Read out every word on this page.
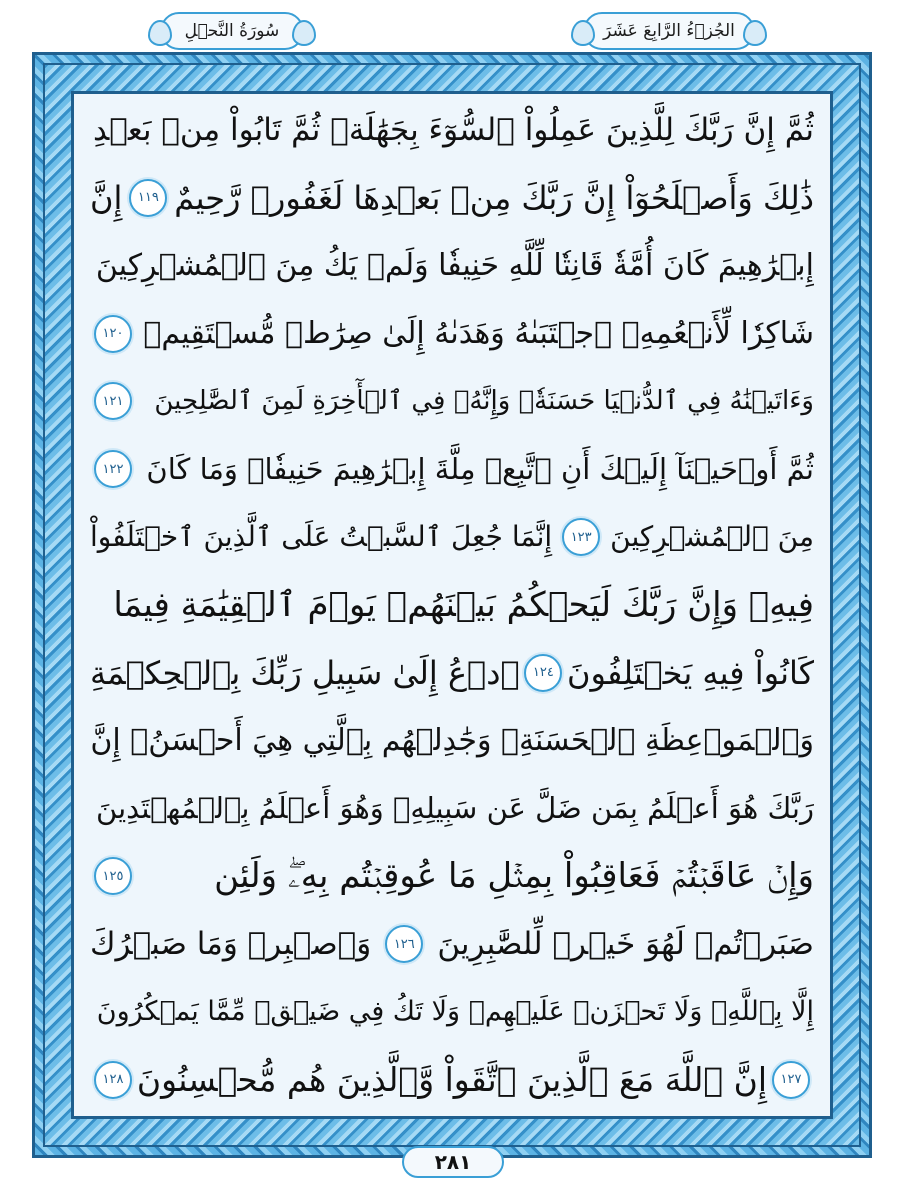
سُورَةُ النَّحۡلِ	الجُزۡءُ الرَّابِعَ عَشَرَ
ثُمَّ إِنَّ رَبَّكَ لِلَّذِينَ عَمِلُواْ ٱلسُّوٓءَ بِجَهَٰلَةٖ ثُمَّ تَابُواْ مِنۢ بَعۡدِ
ذَٰلِكَ وَأَصۡلَحُوٓاْ إِنَّ رَبَّكَ مِنۢ بَعۡدِهَا لَغَفُورٞ رَّحِيمٌ
١١٩
إِنَّ
إِبۡرَٰهِيمَ كَانَ أُمَّةٗ قَانِتٗا لِّلَّهِ حَنِيفٗا وَلَمۡ يَكُ مِنَ ٱلۡمُشۡرِكِينَ
شَاكِرٗا لِّأَنۡعُمِهِۚ ٱجۡتَبَىٰهُ وَهَدَىٰهُ إِلَىٰ صِرَٰطٖ مُّسۡتَقِيمٖ
١٢٠
وَءَاتَيۡنَٰهُ فِي ٱلدُّنۡيَا حَسَنَةٗۖ وَإِنَّهُۥ فِي ٱلۡأٓخِرَةِ لَمِنَ ٱلصَّٰلِحِينَ
١٢١
ثُمَّ أَوۡحَيۡنَآ إِلَيۡكَ أَنِ ٱتَّبِعۡ مِلَّةَ إِبۡرَٰهِيمَ حَنِيفٗاۖ وَمَا كَانَ
١٢٢
مِنَ ٱلۡمُشۡرِكِينَ
١٢٣
إِنَّمَا جُعِلَ ٱلسَّبۡتُ عَلَى ٱلَّذِينَ ٱخۡتَلَفُواْ
فِيهِۚ وَإِنَّ رَبَّكَ لَيَحۡكُمُ بَيۡنَهُمۡ يَوۡمَ ٱلۡقِيَٰمَةِ فِيمَا
كَانُواْ فِيهِ يَخۡتَلِفُونَ
١٢٤
ٱدۡعُ إِلَىٰ سَبِيلِ رَبِّكَ بِٱلۡحِكۡمَةِ
وَٱلۡمَوۡعِظَةِ ٱلۡحَسَنَةِۖ وَجَٰدِلۡهُم بِٱلَّتِي هِيَ أَحۡسَنُۚ إِنَّ
رَبَّكَ هُوَ أَعۡلَمُ بِمَن ضَلَّ عَن سَبِيلِهِۦ وَهُوَ أَعۡلَمُ بِٱلۡمُهۡتَدِينَ
وَإِنۡ عَاقَبۡتُمۡ فَعَاقِبُواْ بِمِثۡلِ مَا عُوقِبۡتُم بِهِۦۖ وَلَئِن
١٢٥
صَبَرۡتُمۡ لَهُوَ خَيۡرٞ لِّلصَّٰبِرِينَ
١٢٦
وَٱصۡبِرۡ وَمَا صَبۡرُكَ
إِلَّا بِٱللَّهِۚ وَلَا تَحۡزَنۡ عَلَيۡهِمۡ وَلَا تَكُ فِي ضَيۡقٖ مِّمَّا يَمۡكُرُونَ
١٢٧
إِنَّ ٱللَّهَ مَعَ ٱلَّذِينَ ٱتَّقَواْ وَّٱلَّذِينَ هُم مُّحۡسِنُونَ
١٢٨
٢٨١
